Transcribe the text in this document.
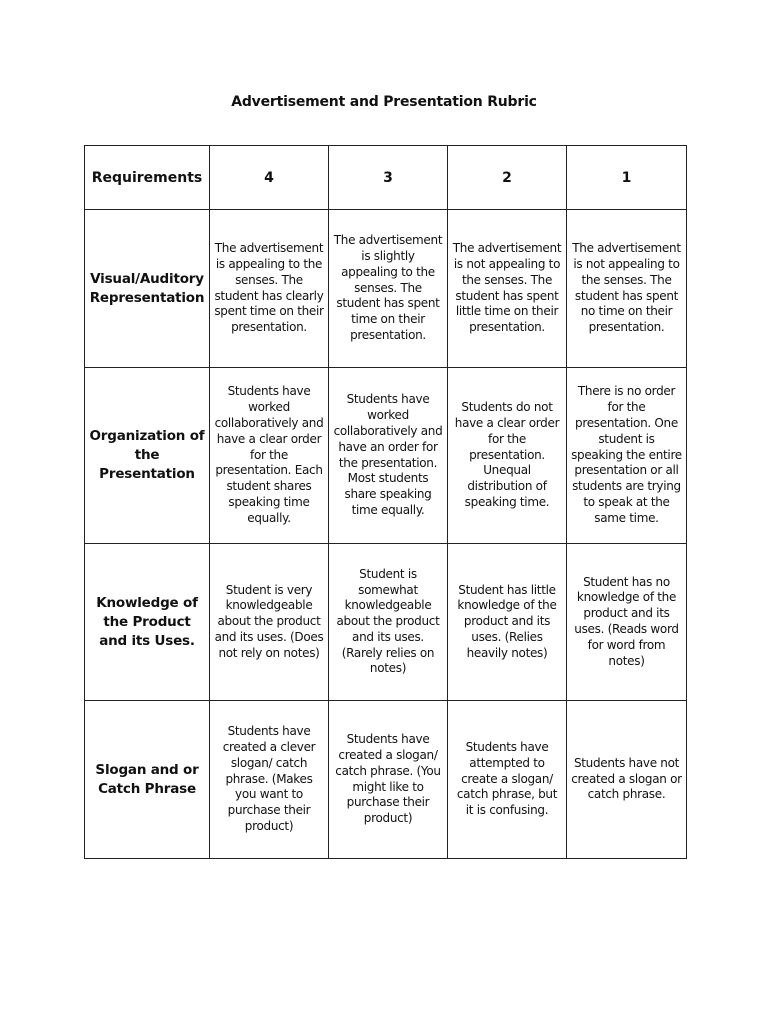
Advertisement and Presentation Rubric
Requirements	4	3	2	1

Visual/Auditory Representation	The advertisement is appealing to the senses. The student has clearly spent time on their presentation.	The advertisement is slightly appealing to the senses. The student has spent time on their presentation.	The advertisement is not appealing to the senses. The student has spent little time on their presentation.	The advertisement is not appealing to the senses. The student has spent no time on their presentation.

Organization of the Presentation	Students have worked collaboratively and have a clear order for the presentation. Each student shares speaking time equally.	Students have worked collaboratively and have an order for the presentation. Most students share speaking time equally.	Students do not have a clear order for the presentation. Unequal distribution of speaking time.	There is no order for the presentation. One student is speaking the entire presentation or all students are trying to speak at the same time.

Knowledge of the Product and its Uses.	Student is very knowledgeable about the product and its uses. (Does not rely on notes)	Student is somewhat knowledgeable about the product and its uses. (Rarely relies on notes)	Student has little knowledge of the product and its uses. (Relies heavily notes)	Student has no knowledge of the product and its uses. (Reads word for word from notes)

Slogan and or Catch Phrase	Students have created a clever slogan/ catch phrase. (Makes you want to purchase their product)	Students have created a slogan/ catch phrase. (You might like to purchase their product)	Students have attempted to create a slogan/ catch phrase, but it is confusing.	Students have not created a slogan or catch phrase.
